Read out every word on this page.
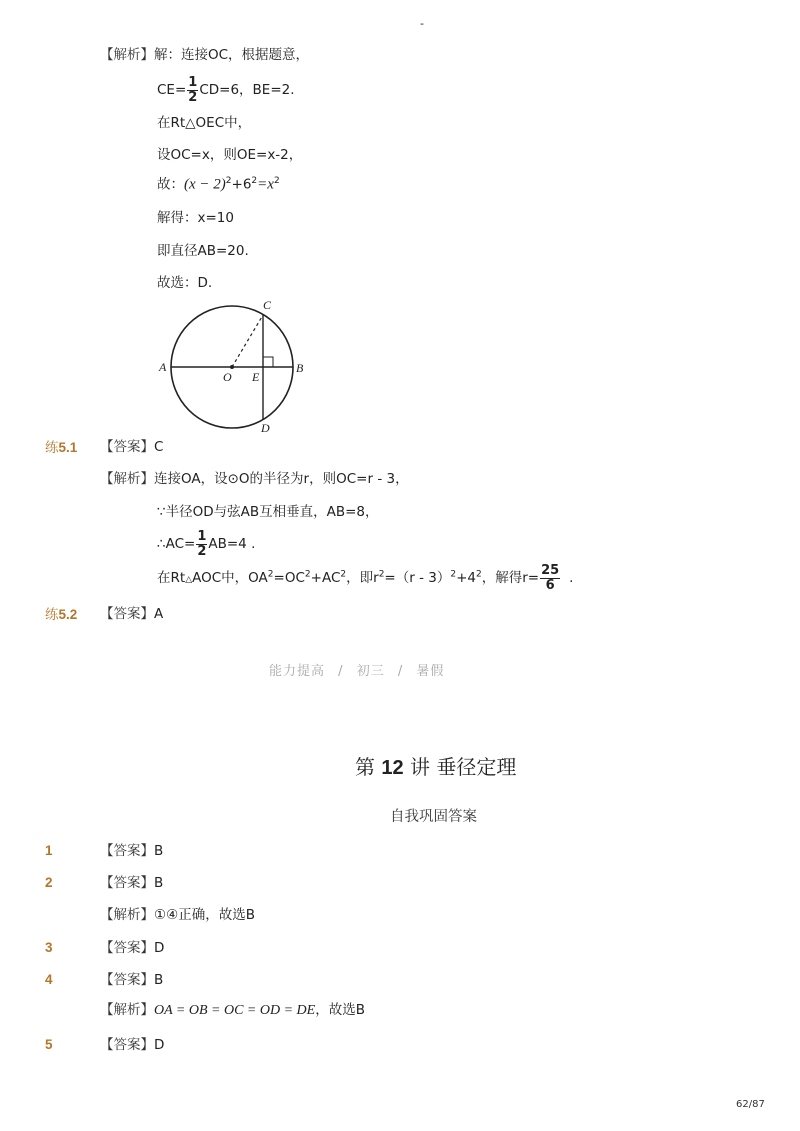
-
【解析】解：连接OC，根据题意，
$CE= \frac{1}{2} CD=6$，BE=2.
在Rt△OEC中，
设OC=x，则OE=x-2，
故：$(x - 2)^2+6^2=x^2$
解得：x=10
即直径AB=20.
故选：D.
A	B
C
D
O E
练5.1 【答案】C
【解析】连接OA，设⊙O的半径为r，则OC=r - 3，
∵半径OD与弦AB互相垂直，AB=8，
∴AC= $\frac{1}{2} AB=4$ .
在Rt△AOC中，$OA^2=OC^2+AC^2$，即$r^2=(r - 3)^2+4^2$，解得$r= \frac{25}{6}$ .
练5.2 【答案】A
能力提高 / 初三 / 暑假
第 12 讲 垂径定理
自我巩固答案
1	【答案】B
2	【答案】B
【解析】①④正确，故选B
3	【答案】D
4	【答案】B
【解析】OA = OB = OC = OD = DE，故选B
5	【答案】D
62/87
